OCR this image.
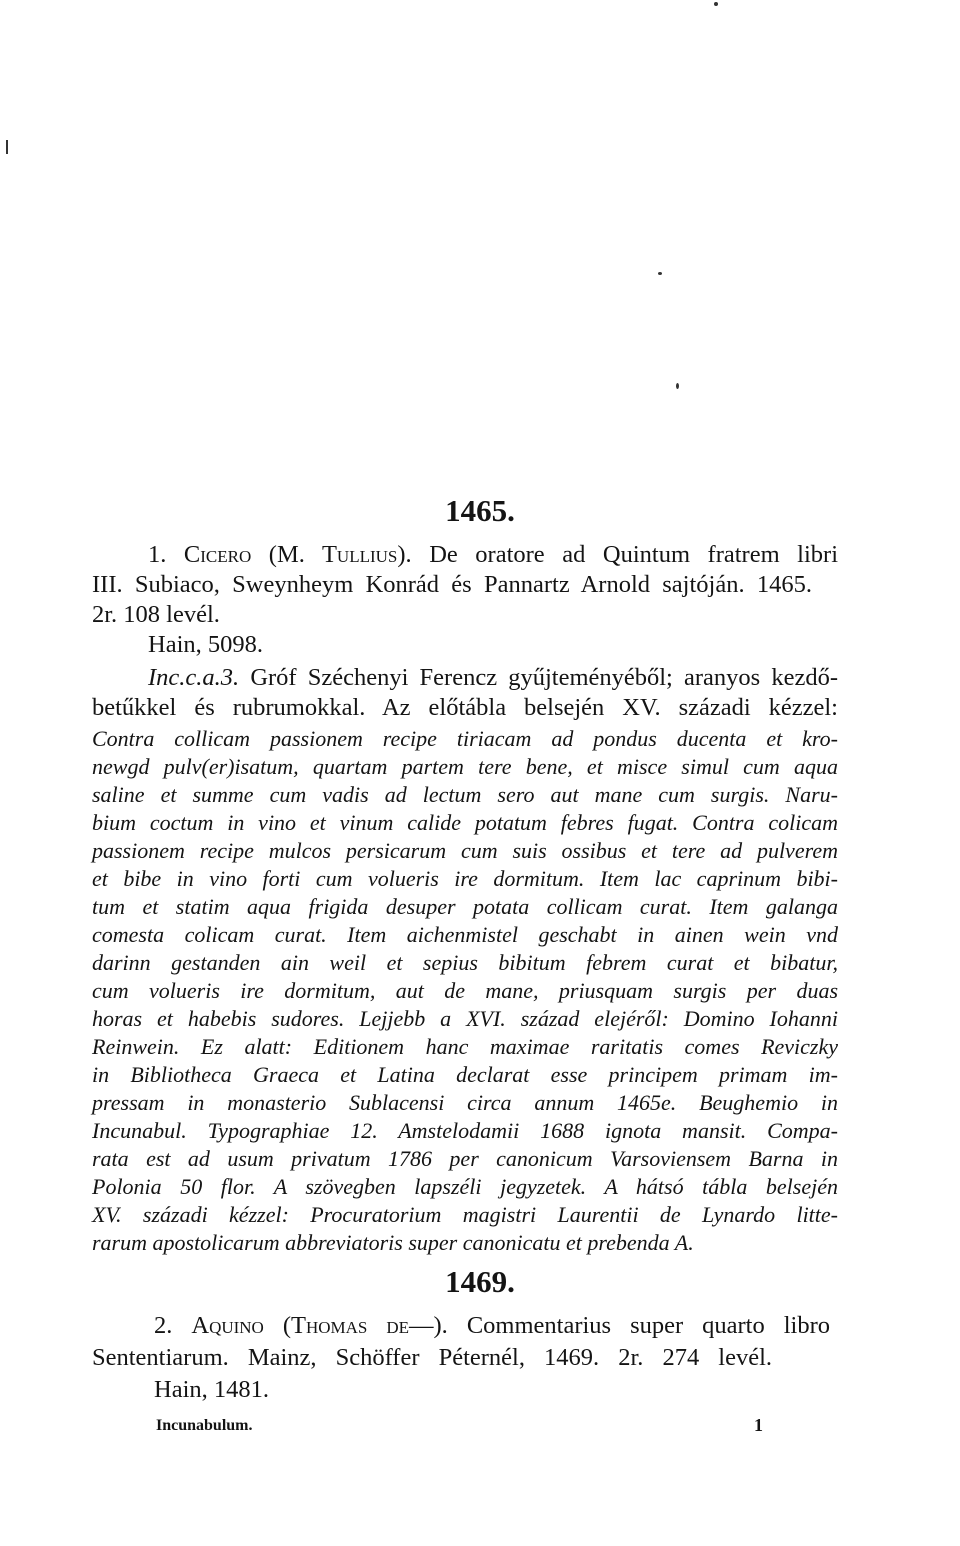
1465.
1. Cicero (M. Tullius). De oratore ad Quintum fratrem libri
III. Subiaco, Sweynheym Konrád és Pannartz Arnold sajtóján. 1465.
2r. 108 levél.
Hain, 5098.
Inc.c.a.3. Gróf Széchenyi Ferencz gyűjteményéből; aranyos kezdő-
betűkkel és rubrumokkal. Az előtábla belsején XV. századi kézzel:
Contra collicam passionem recipe tiriacam ad pondus ducenta et kro-
newgd pulv(er)isatum, quartam partem tere bene, et misce simul cum aqua
saline et summe cum vadis ad lectum sero aut mane cum surgis. Naru-
bium coctum in vino et vinum calide potatum febres fugat. Contra colicam
passionem recipe mulcos persicarum cum suis ossibus et tere ad pulverem
et bibe in vino forti cum volueris ire dormitum. Item lac caprinum bibi-
tum et statim aqua frigida desuper potata collicam curat. Item galanga
comesta colicam curat. Item aichenmistel geschabt in ainen wein vnd
darinn gestanden ain weil et sepius bibitum febrem curat et bibatur,
cum volueris ire dormitum, aut de mane, priusquam surgis per duas
horas et habebis sudores. Lejjebb a XVI. század elejéről: Domino Iohanni
Reinwein. Ez alatt: Editionem hanc maximae raritatis comes Reviczky
in Bibliotheca Graeca et Latina declarat esse principem primam im-
pressam in monasterio Sublacensi circa annum 1465e. Beughemio in
Incunabul. Typographiae 12. Amstelodamii 1688 ignota mansit. Compa-
rata est ad usum privatum 1786 per canonicum Varsoviensem Barna in
Polonia 50 flor. A szövegben lapszéli jegyzetek. A hátsó tábla belsején
XV. századi kézzel: Procuratorium magistri Laurentii de Lynardo litte-
rarum apostolicarum abbreviatoris super canonicatu et prebenda A.
1469.
2. Aquino (Thomas de—). Commentarius super quarto libro
Sententiarum. Mainz, Schöffer Péternél, 1469. 2r. 274 levél.
Hain, 1481.
Incunabulum.	1
